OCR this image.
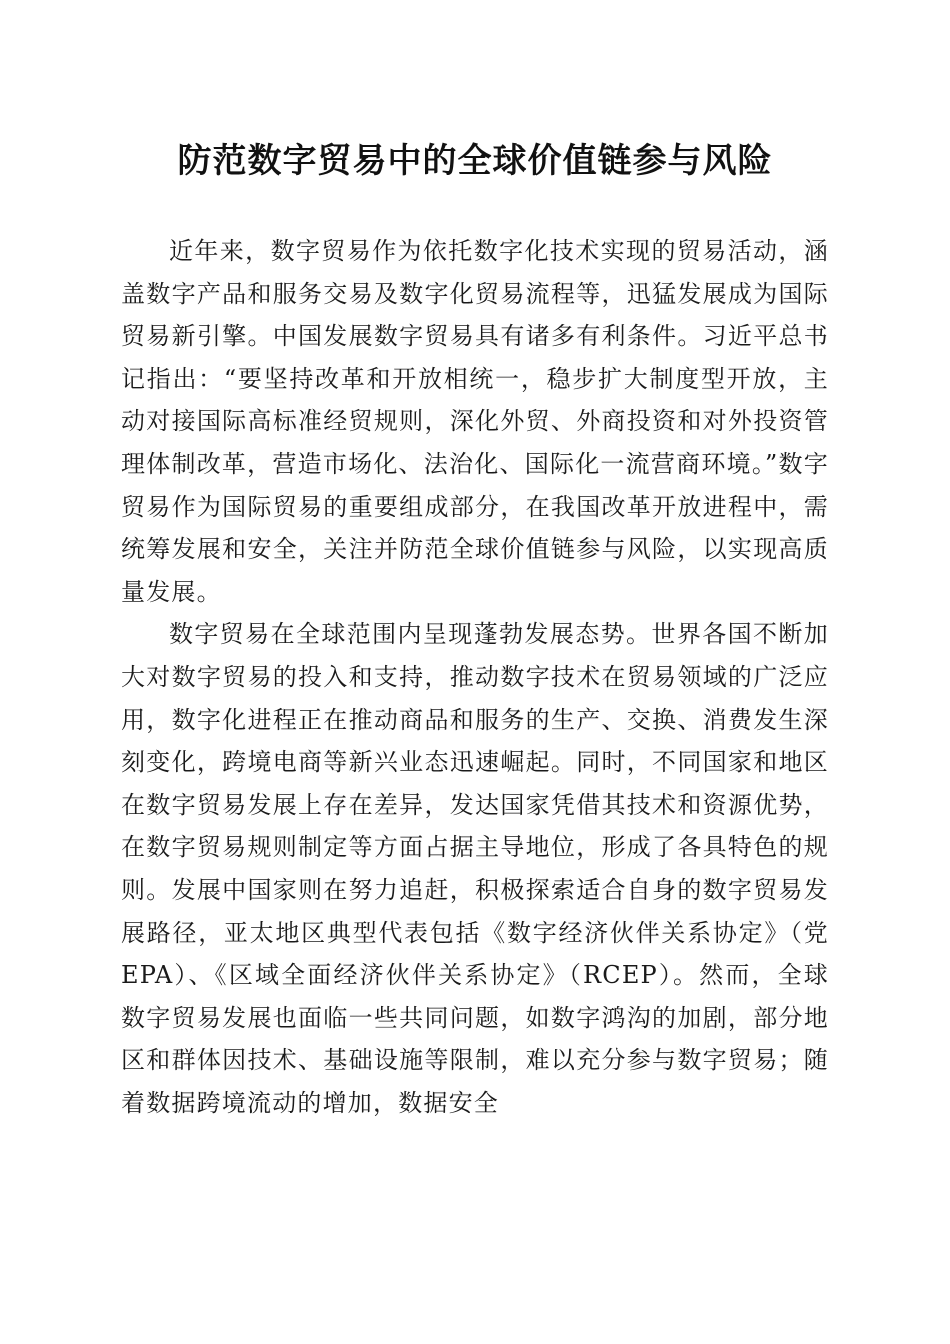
防范数字贸易中的全球价值链参与风险

近年来，数字贸易作为依托数字化技术实现的贸易活动，涵盖数字产品和服务交易及数字化贸易流程等，迅猛发展成为国际贸易新引擎。中国发展数字贸易具有诸多有利条件。习近平总书记指出：“要坚持改革和开放相统一，稳步扩大制度型开放，主动对接国际高标准经贸规则，深化外贸、外商投资和对外投资管理体制改革，营造市场化、法治化、国际化一流营商环境。”数字贸易作为国际贸易的重要组成部分，在我国改革开放进程中，需统筹发展和安全，关注并防范全球价值链参与风险，以实现高质量发展。

数字贸易在全球范围内呈现蓬勃发展态势。世界各国不断加大对数字贸易的投入和支持，推动数字技术在贸易领域的广泛应用，数字化进程正在推动商品和服务的生产、交换、消费发生深刻变化，跨境电商等新兴业态迅速崛起。同时，不同国家和地区在数字贸易发展上存在差异，发达国家凭借其技术和资源优势，在数字贸易规则制定等方面占据主导地位，形成了各具特色的规则。发展中国家则在努力追赶，积极探索适合自身的数字贸易发展路径，亚太地区典型代表包括《数字经济伙伴关系协定》（党EPA）、《区域全面经济伙伴关系协定》（RCEP）。然而，全球数字贸易发展也面临一些共同问题，如数字鸿沟的加剧，部分地区和群体因技术、基础设施等限制，难以充分参与数字贸易；随着数据跨境流动的增加，数据安全
